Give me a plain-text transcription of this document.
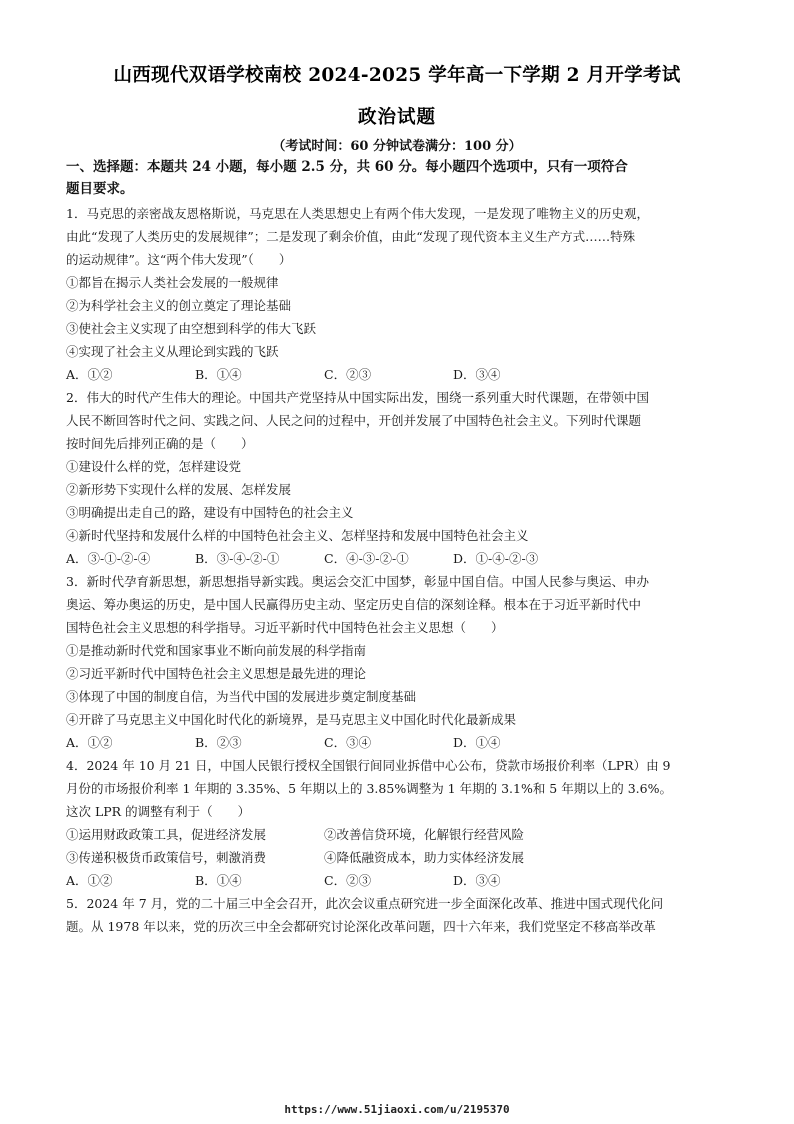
山西现代双语学校南校 2024-2025 学年高一下学期 2 月开学考试
政治试题
（考试时间：60 分钟试卷满分：100 分）
一、选择题：本题共 24 小题，每小题 2.5 分，共 60 分。每小题四个选项中，只有一项符合
题目要求。
1．马克思的亲密战友恩格斯说，马克思在人类思想史上有两个伟大发现，一是发现了唯物主义的历史观，
由此“发现了人类历史的发展规律”；二是发现了剩余价值，由此“发现了现代资本主义生产方式……特殊
的运动规律”。这“两个伟大发现”（　　）
①都旨在揭示人类社会发展的一般规律
②为科学社会主义的创立奠定了理论基础
③使社会主义实现了由空想到科学的伟大飞跃
④实现了社会主义从理论到实践的飞跃
A．①②	B．①④	C．②③	D．③④
2．伟大的时代产生伟大的理论。中国共产党坚持从中国实际出发，围绕一系列重大时代课题，在带领中国
人民不断回答时代之问、实践之问、人民之问的过程中，开创并发展了中国特色社会主义。下列时代课题
按时间先后排列正确的是（　　）
①建设什么样的党，怎样建设党
②新形势下实现什么样的发展、怎样发展
③明确提出走自己的路，建设有中国特色的社会主义
④新时代坚持和发展什么样的中国特色社会主义、怎样坚持和发展中国特色社会主义
A．③-①-②-④	B．③-④-②-①	C．④-③-②-①	D．①-④-②-③
3．新时代孕育新思想，新思想指导新实践。奥运会交汇中国梦，彰显中国自信。中国人民参与奥运、申办
奥运、筹办奥运的历史，是中国人民赢得历史主动、坚定历史自信的深刻诠释。根本在于习近平新时代中
国特色社会主义思想的科学指导。习近平新时代中国特色社会主义思想（　　）
①是推动新时代党和国家事业不断向前发展的科学指南
②习近平新时代中国特色社会主义思想是最先进的理论
③体现了中国的制度自信，为当代中国的发展进步奠定制度基础
④开辟了马克思主义中国化时代化的新境界，是马克思主义中国化时代化最新成果
A．①②	B．②③	C．③④	D．①④
4．2024 年 10 月 21 日，中国人民银行授权全国银行间同业拆借中心公布，贷款市场报价利率（LPR）由 9
月份的市场报价利率 1 年期的 3.35%、5 年期以上的 3.85%调整为 1 年期的 3.1%和 5 年期以上的 3.6%。
这次 LPR 的调整有利于（　　）
①运用财政政策工具，促进经济发展	②改善信贷环境，化解银行经营风险
③传递积极货币政策信号，刺激消费	④降低融资成本，助力实体经济发展
A．①②	B．①④	C．②③	D．③④
5．2024 年 7 月，党的二十届三中全会召开，此次会议重点研究进一步全面深化改革、推进中国式现代化问
题。从 1978 年以来，党的历次三中全会都研究讨论深化改革问题，四十六年来，我们党坚定不移高举改革
https://www.51jiaoxi.com/u/2195370
